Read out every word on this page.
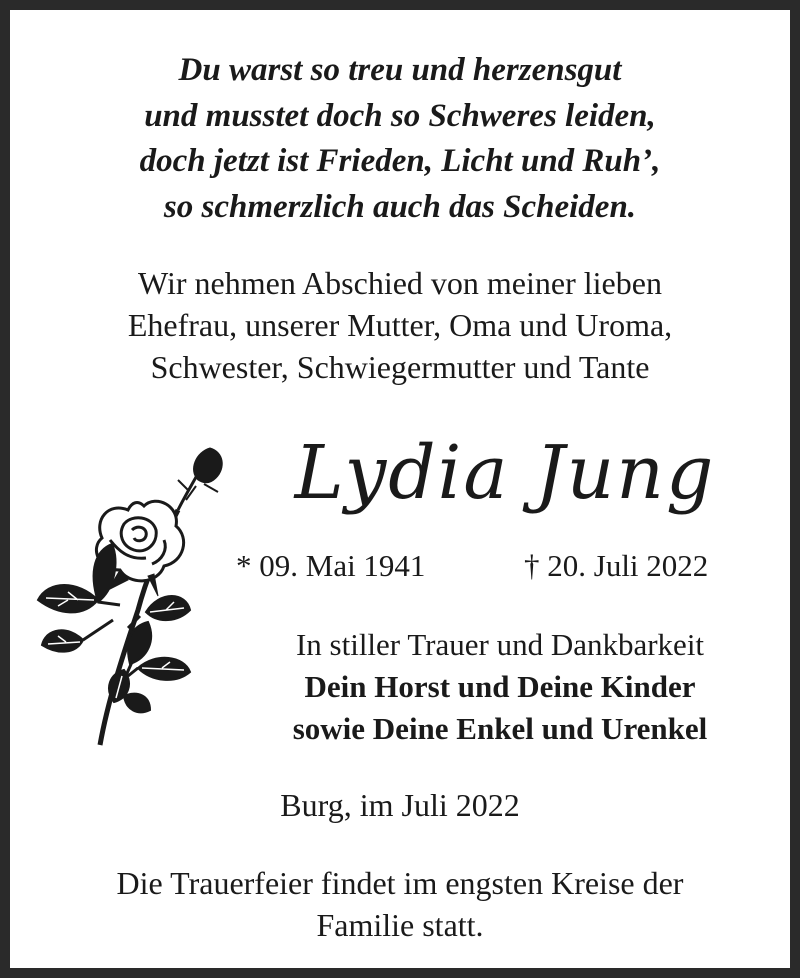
Du warst so treu und herzensgut
und musstet doch so Schweres leiden,
doch jetzt ist Frieden, Licht und Ruh’,
so schmerzlich auch das Scheiden.
Wir nehmen Abschied von meiner lieben
Ehefrau, unserer Mutter, Oma und Uroma,
Schwester, Schwiegermutter und Tante
Lydia Jung
* 09. Mai 1941	† 20. Juli 2022
In stiller Trauer und Dankbarkeit
Dein Horst und Deine Kinder
sowie Deine Enkel und Urenkel
Burg, im Juli 2022
Die Trauerfeier findet im engsten Kreise der
Familie statt.
